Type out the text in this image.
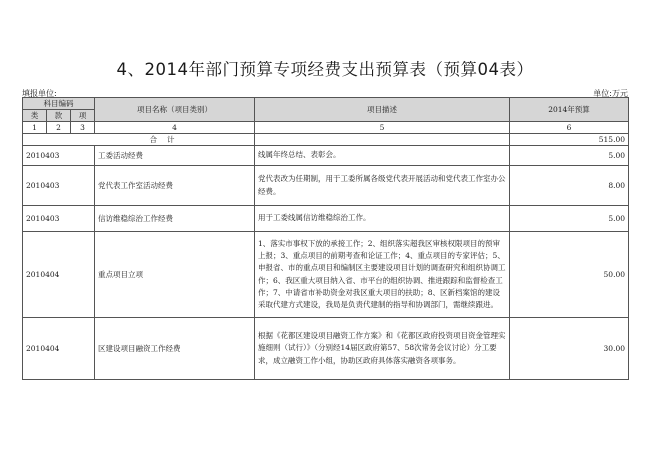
4、2014年部门预算专项经费支出预算表（预算04表）
填报单位:	单位:万元
科目编码			项目名称（项目类别）	项目描述	2014年预算
类	款	项			
1	2	3	4	5	6
合计					515.00
2010403			工委活动经费	线属年终总结、表彰会。	5.00
2010403			党代表工作室活动经费	党代表改为任期制，用于工委所属各级党代表开展活动和党代表工作室办公经费。	8.00
2010403			信访维稳综治工作经费	用于工委线属信访维稳综治工作。	5.00
2010404			重点项目立项	1、落实市事权下放的承接工作；2、组织落实超我区审核权限项目的预审上报；3、重点项目的前期考查和论证工作；4、重点项目的专家评估；5、申报省、市的重点项目和编制区主要建设项目计划的调查研究和组织协调工作；6、我区重大项目纳入省、市平台的组织协调、推进跟踪和监督检查工作；7、中请省市补助资金对我区重大项目的扶助；8、区新档案馆的建设采取代建方式建设，我局是负责代建制的指导和协调部门，需继续跟进。	50.00
2010404			区建设项目融资工作经费	根据《花都区建设项目融资工作方案》和《花都区政府投资项目资金管理实施细则（试行）》（分别经14届区政府第57、58次常务会议讨论）分工要求，成立融资工作小组，协助区政府具体落实融资各项事务。	30.00
